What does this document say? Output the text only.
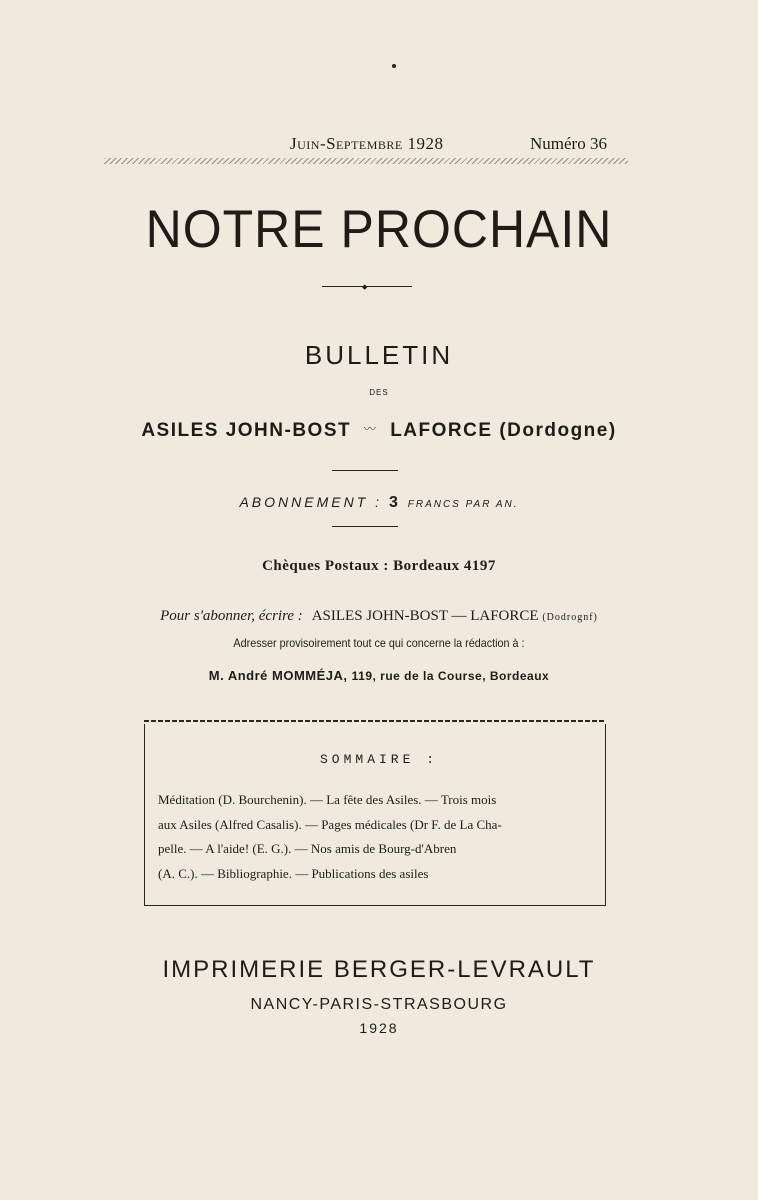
Juin-Septembre 1928	Numéro 36
NOTRE PROCHAIN
◆
BULLETIN
DES
ASILES JOHN-BOST 〰 LAFORCE (Dordogne)
ABONNEMENT : 3 FRANCS PAR AN.
Chèques Postaux : Bordeaux 4197
Pour s'abonner, écrire : ASILES JOHN-BOST — LAFORCE (Dodrognf)
Adresser provisoirement tout ce qui concerne la rédaction à :
M. André MOMMÉJA, 119, rue de la Course, Bordeaux
SOMMAIRE :

Méditation (D. Bourchenin). — La fête des Asiles. — Trois mois

aux Asiles (Alfred Casalis). — Pages médicales (Dr F. de La Cha-

pelle. — A l'aide! (E. G.). — Nos amis de Bourg-d'Abren

(A. C.). — Bibliographie. — Publications des asiles

IMPRIMERIE BERGER-LEVRAULT
NANCY-PARIS-STRASBOURG
1928
